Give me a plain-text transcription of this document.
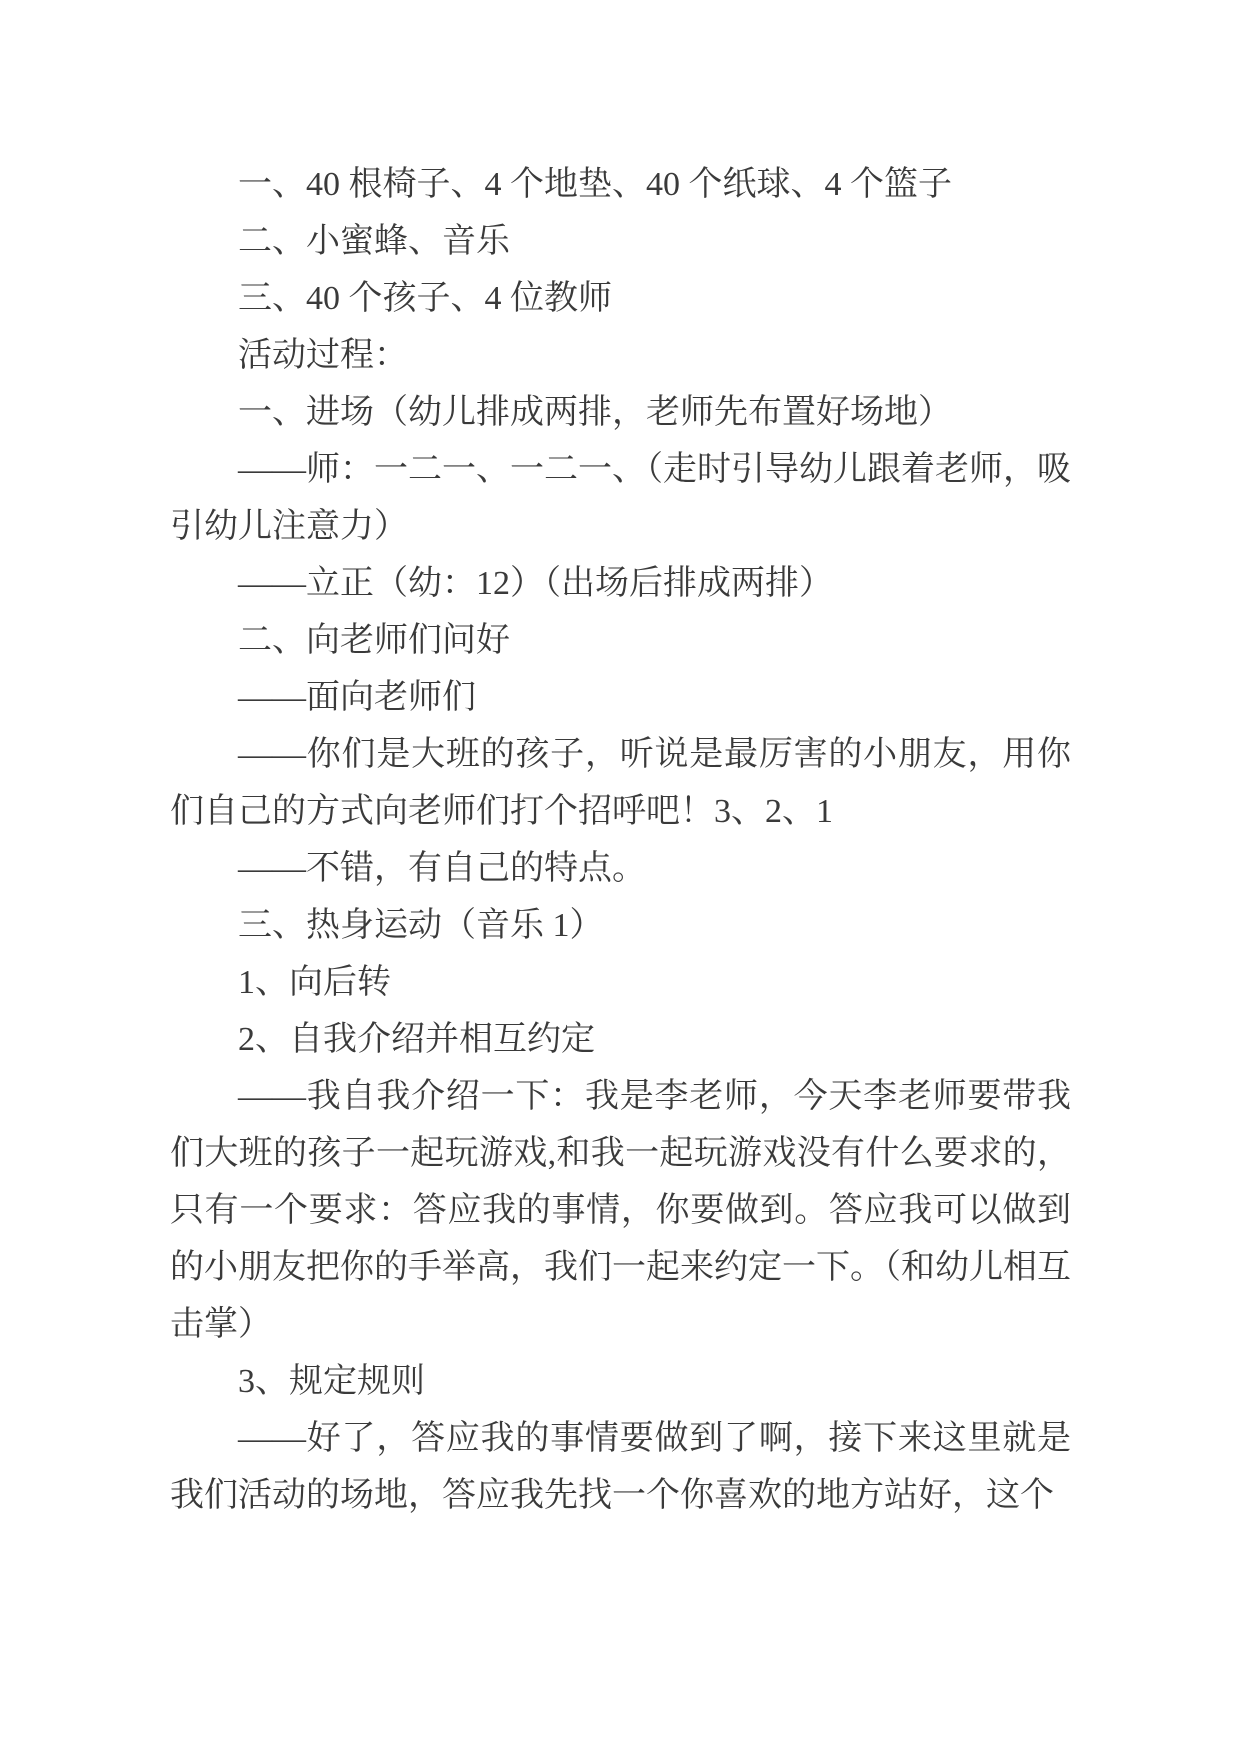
一、40 根椅子、4 个地垫、40 个纸球、4 个篮子

二、小蜜蜂、音乐

三、40 个孩子、4 位教师

活动过程：

一、进场（幼儿排成两排，老师先布置好场地）

——师：一二一、一二一、（走时引导幼儿跟着老师，吸引幼儿注意力）

——立正（幼：12）（出场后排成两排）

二、向老师们问好

——面向老师们

——你们是大班的孩子，听说是最厉害的小朋友，用你们自己的方式向老师们打个招呼吧！3、2、1

——不错，有自己的特点。

三、热身运动（音乐 1）

1、向后转

2、自我介绍并相互约定

——我自我介绍一下：我是李老师，今天李老师要带我们大班的孩子一起玩游戏,和我一起玩游戏没有什么要求的，只有一个要求：答应我的事情，你要做到。答应我可以做到的小朋友把你的手举高，我们一起来约定一下。（和幼儿相互击掌）

3、规定规则

——好了，答应我的事情要做到了啊，接下来这里就是我们活动的场地，答应我先找一个你喜欢的地方站好，这个
